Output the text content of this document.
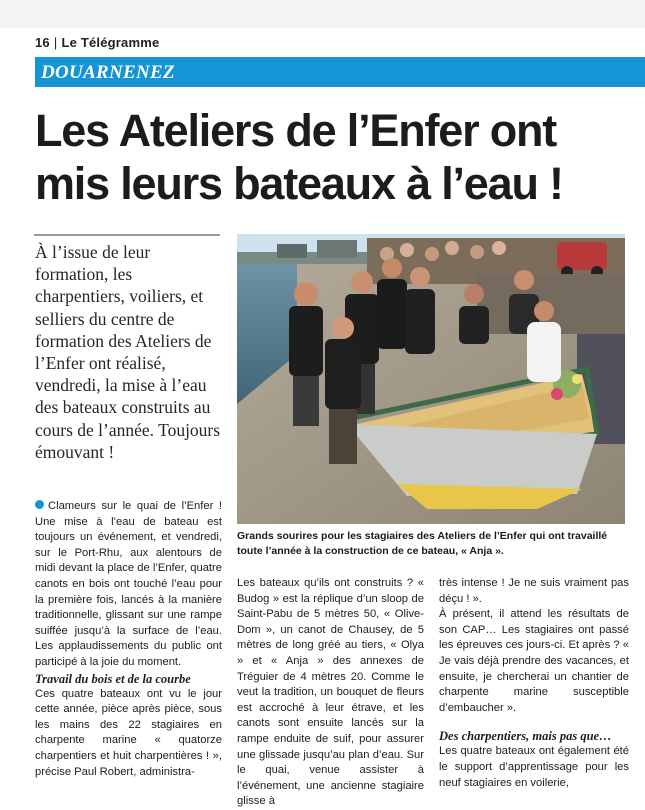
16 | Le Télégramme
DOUARNENEZ
Les Ateliers de l’Enfer ont mis leurs bateaux à l’eau !
À l’issue de leur formation, les charpentiers, voiliers, et selliers du centre de formation des Ateliers de l’Enfer ont réalisé, vendredi, la mise à l’eau des bateaux construits au cours de l’année. Toujours émouvant !
Grands sourires pour les stagiaires des Ateliers de l’Enfer qui ont travaillé toute l’année à la construction de ce bateau, « Anja ».

Clameurs sur le quai de l’Enfer ! Une mise à l’eau de bateau est toujours un événement, et vendredi, sur le Port-Rhu, aux alentours de midi devant la place de l’Enfer, quatre canots en bois ont touché l’eau pour la première fois, lancés à la manière traditionnelle, glissant sur une rampe suiffée jusqu’à la surface de l’eau. Les applaudissements du public ont participé à la joie du moment.

Travail du bois et de la courbe

Ces quatre bateaux ont vu le jour cette année, pièce après pièce, sous les mains des 22 stagiaires en charpente marine « quatorze charpentiers et huit charpentières ! », précise Paul Robert, administra-

Les bateaux qu’ils ont construits ? « Budog » est la réplique d’un sloop de Saint-Pabu de 5 mètres 50, « Olive-Dom », un canot de Chausey, de 5 mètres de long gréé au tiers, « Olya » et « Anja » des annexes de Tréguier de 4 mètres 20. Comme le veut la tradition, un bouquet de fleurs est accroché à leur étrave, et les canots sont ensuite lancés sur la rampe enduite de suif, pour assurer une glissade jusqu’au plan d’eau. Sur le quai, venue assister à l’événement, une ancienne stagiaire glisse à

très intense ! Je ne suis vraiment pas déçu ! ».

À présent, il attend les résultats de son CAP… Les stagiaires ont passé les épreuves ces jours-ci. Et après ? « Je vais déjà prendre des vacances, et ensuite, je chercherai un chantier de charpente marine susceptible d’embaucher ».

Des charpentiers, mais pas que…

Les quatre bateaux ont également été le support d’apprentissage pour les neuf stagiaires en voilerie,
